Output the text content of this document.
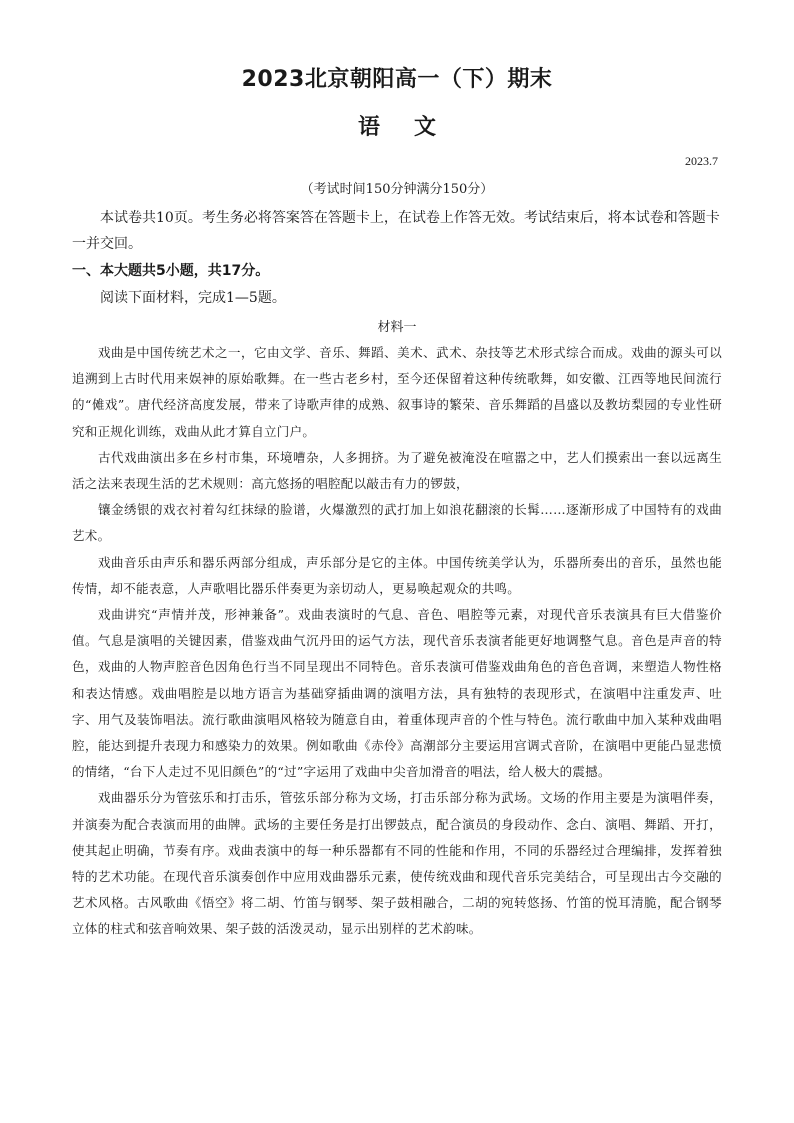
2023北京朝阳高一（下）期末
语文
2023.7
（考试时间150分钟满分150分）

本试卷共10页。考生务必将答案答在答题卡上，在试卷上作答无效。考试结束后，将本试卷和答题卡一并交回。

一、本大题共5小题，共17分。
阅读下面材料，完成1—5题。
材料一

戏曲是中国传统艺术之一，它由文学、音乐、舞蹈、美术、武术、杂技等艺术形式综合而成。戏曲的源头可以追溯到上古时代用来娱神的原始歌舞。在一些古老乡村，至今还保留着这种传统歌舞，如安徽、江西等地民间流行的“傩戏”。唐代经济高度发展，带来了诗歌声律的成熟、叙事诗的繁荣、音乐舞蹈的昌盛以及教坊梨园的专业性研究和正规化训练，戏曲从此才算自立门户。

古代戏曲演出多在乡村市集，环境嘈杂，人多拥挤。为了避免被淹没在喧嚣之中，艺人们摸索出一套以远离生活之法来表现生活的艺术规则：高亢悠扬的唱腔配以敲击有力的锣鼓，

镶金绣银的戏衣衬着勾红抹绿的脸谱，火爆激烈的武打加上如浪花翻滚的长髯……逐渐形成了中国特有的戏曲艺术。

戏曲音乐由声乐和器乐两部分组成，声乐部分是它的主体。中国传统美学认为，乐器所奏出的音乐，虽然也能传情，却不能表意，人声歌唱比器乐伴奏更为亲切动人，更易唤起观众的共鸣。

戏曲讲究“声情并茂，形神兼备”。戏曲表演时的气息、音色、唱腔等元素，对现代音乐表演具有巨大借鉴价值。气息是演唱的关键因素，借鉴戏曲气沉丹田的运气方法，现代音乐表演者能更好地调整气息。音色是声音的特色，戏曲的人物声腔音色因角色行当不同呈现出不同特色。音乐表演可借鉴戏曲角色的音色音调，来塑造人物性格和表达情感。戏曲唱腔是以地方语言为基础穿插曲调的演唱方法，具有独特的表现形式，在演唱中注重发声、吐字、用气及装饰唱法。流行歌曲演唱风格较为随意自由，着重体现声音的个性与特色。流行歌曲中加入某种戏曲唱腔，能达到提升表现力和感染力的效果。例如歌曲《赤伶》高潮部分主要运用宫调式音阶，在演唱中更能凸显悲愤的情绪，“台下人走过不见旧颜色”的“过”字运用了戏曲中尖音加滑音的唱法，给人极大的震撼。

戏曲器乐分为管弦乐和打击乐，管弦乐部分称为文场，打击乐部分称为武场。文场的作用主要是为演唱伴奏，并演奏为配合表演而用的曲牌。武场的主要任务是打出锣鼓点，配合演员的身段动作、念白、演唱、舞蹈、开打，使其起止明确，节奏有序。戏曲表演中的每一种乐器都有不同的性能和作用，不同的乐器经过合理编排，发挥着独特的艺术功能。在现代音乐演奏创作中应用戏曲器乐元素，使传统戏曲和现代音乐完美结合，可呈现出古今交融的艺术风格。古风歌曲《悟空》将二胡、竹笛与钢琴、架子鼓相融合，二胡的宛转悠扬、竹笛的悦耳清脆，配合钢琴立体的柱式和弦音响效果、架子鼓的活泼灵动，显示出别样的艺术韵味。
